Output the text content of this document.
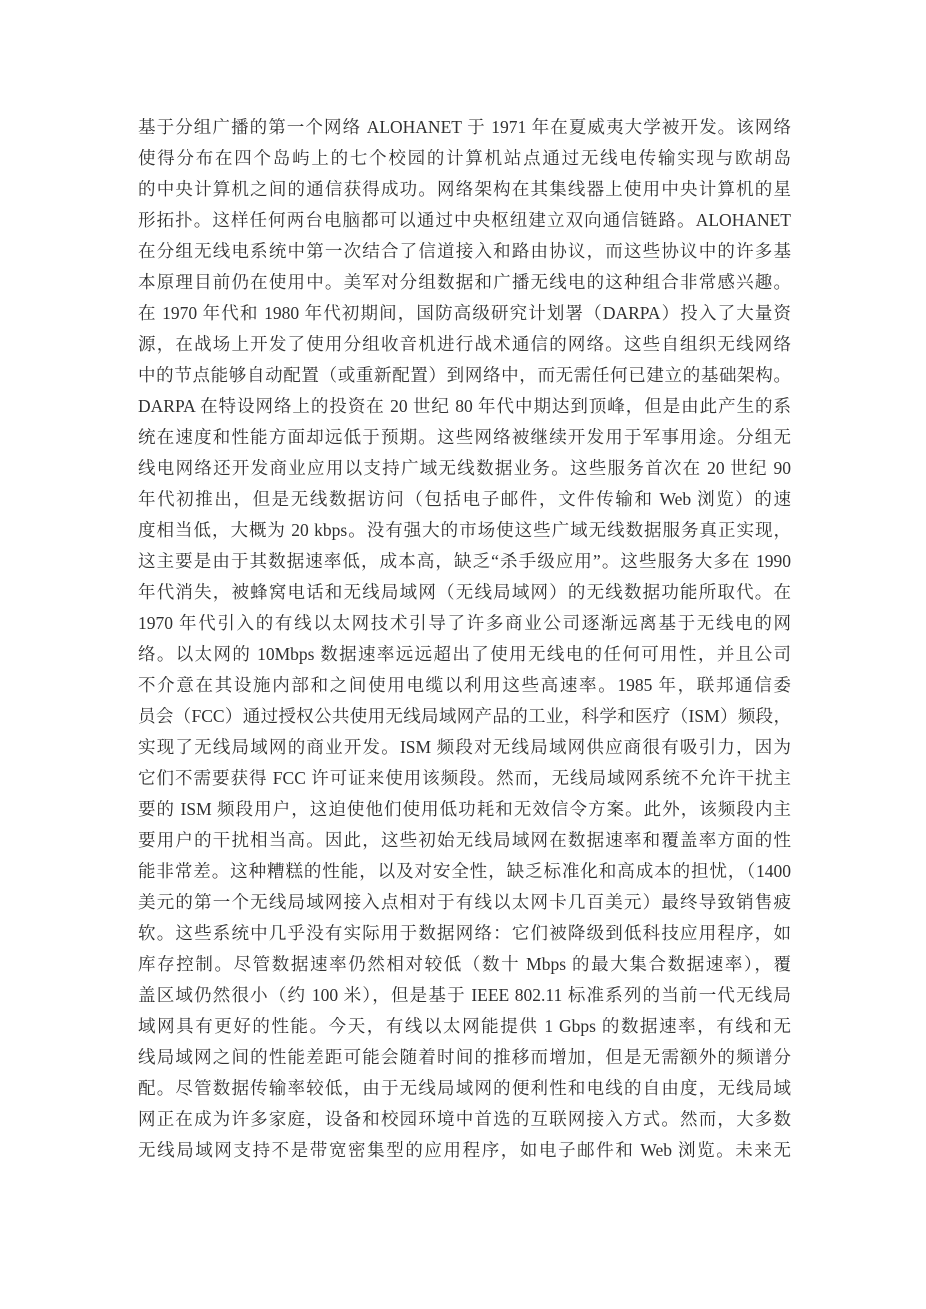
基于分组广播的第一个网络 ALOHANET 于 1971 年在夏威夷大学被开发。该网络
使得分布在四个岛屿上的七个校园的计算机站点通过无线电传输实现与欧胡岛
的中央计算机之间的通信获得成功。网络架构在其集线器上使用中央计算机的星
形拓扑。这样任何两台电脑都可以通过中央枢纽建立双向通信链路。ALOHANET
在分组无线电系统中第一次结合了信道接入和路由协议，而这些协议中的许多基
本原理目前仍在使用中。美军对分组数据和广播无线电的这种组合非常感兴趣。
在 1970 年代和 1980 年代初期间，国防高级研究计划署（DARPA）投入了大量资
源，在战场上开发了使用分组收音机进行战术通信的网络。这些自组织无线网络
中的节点能够自动配置（或重新配置）到网络中，而无需任何已建立的基础架构。
DARPA 在特设网络上的投资在 20 世纪 80 年代中期达到顶峰，但是由此产生的系
统在速度和性能方面却远低于预期。这些网络被继续开发用于军事用途。分组无
线电网络还开发商业应用以支持广域无线数据业务。这些服务首次在 20 世纪 90
年代初推出，但是无线数据访问（包括电子邮件，文件传输和 Web 浏览）的速
度相当低，大概为 20 kbps。没有强大的市场使这些广域无线数据服务真正实现，
这主要是由于其数据速率低，成本高，缺乏“杀手级应用”。这些服务大多在 1990
年代消失，被蜂窝电话和无线局域网（无线局域网）的无线数据功能所取代。在
1970 年代引入的有线以太网技术引导了许多商业公司逐渐远离基于无线电的网
络。以太网的 10Mbps 数据速率远远超出了使用无线电的任何可用性，并且公司
不介意在其设施内部和之间使用电缆以利用这些高速率。1985 年，联邦通信委
员会（FCC）通过授权公共使用无线局域网产品的工业，科学和医疗（ISM）频段，
实现了无线局域网的商业开发。ISM 频段对无线局域网供应商很有吸引力，因为
它们不需要获得 FCC 许可证来使用该频段。然而，无线局域网系统不允许干扰主
要的 ISM 频段用户，这迫使他们使用低功耗和无效信令方案。此外，该频段内主
要用户的干扰相当高。因此，这些初始无线局域网在数据速率和覆盖率方面的性
能非常差。这种糟糕的性能，以及对安全性，缺乏标准化和高成本的担忧，（1400
美元的第一个无线局域网接入点相对于有线以太网卡几百美元）最终导致销售疲
软。这些系统中几乎没有实际用于数据网络：它们被降级到低科技应用程序，如
库存控制。尽管数据速率仍然相对较低（数十 Mbps 的最大集合数据速率），覆
盖区域仍然很小（约 100 米），但是基于 IEEE 802.11 标准系列的当前一代无线局
域网具有更好的性能。今天，有线以太网能提供 1 Gbps 的数据速率，有线和无
线局域网之间的性能差距可能会随着时间的推移而增加，但是无需额外的频谱分
配。尽管数据传输率较低，由于无线局域网的便利性和电线的自由度，无线局域
网正在成为许多家庭，设备和校园环境中首选的互联网接入方式。然而，大多数
无线局域网支持不是带宽密集型的应用程序，如电子邮件和 Web 浏览。未来无
